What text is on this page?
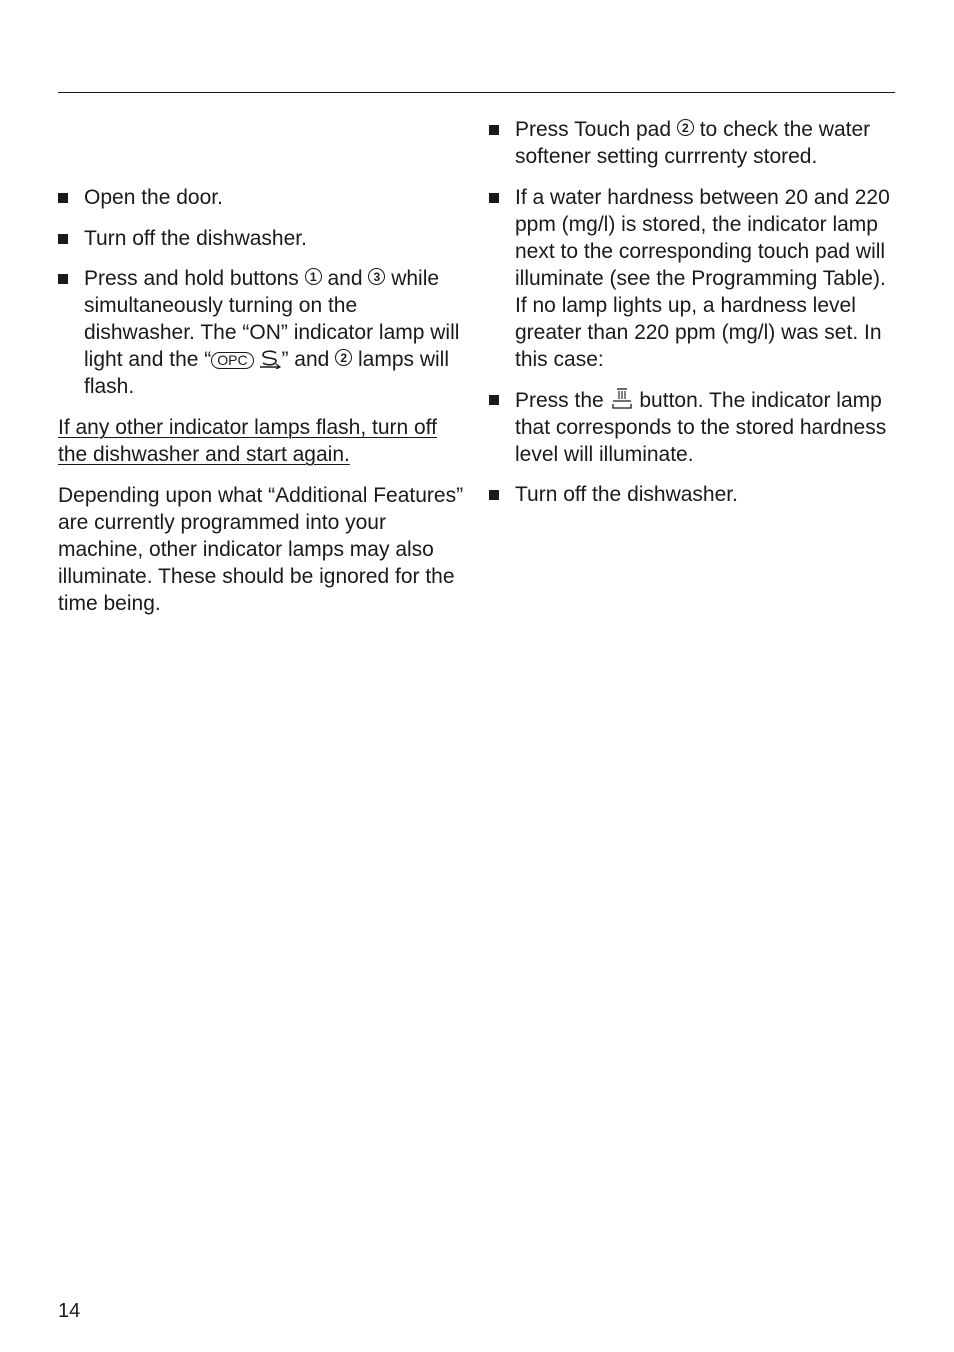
Open the door.
Turn off the dishwasher.
Press and hold buttons 1 and 3 while simultaneously turning on the dishwasher. The “ON” indicator lamp will light and the “ OPC ” and 2 lamps will flash.
If any other indicator lamps flash, turn off the dishwasher and start again.
Depending upon what “Additional Features” are currently programmed into your machine, other indicator lamps may also illuminate. These should be ignored for the time being.
Press Touch pad 2 to check the water softener setting currrenty stored.
If a water hardness between 20 and 220 ppm (mg/l) is stored, the indicator lamp next to the corresponding touch pad will illuminate (see the Programming Table). If no lamp lights up, a hardness level greater than 220 ppm (mg/l) was set. In this case:
Press the  button. The indicator lamp that corresponds to the stored hardness level will illuminate.
Turn off the dishwasher.
14
